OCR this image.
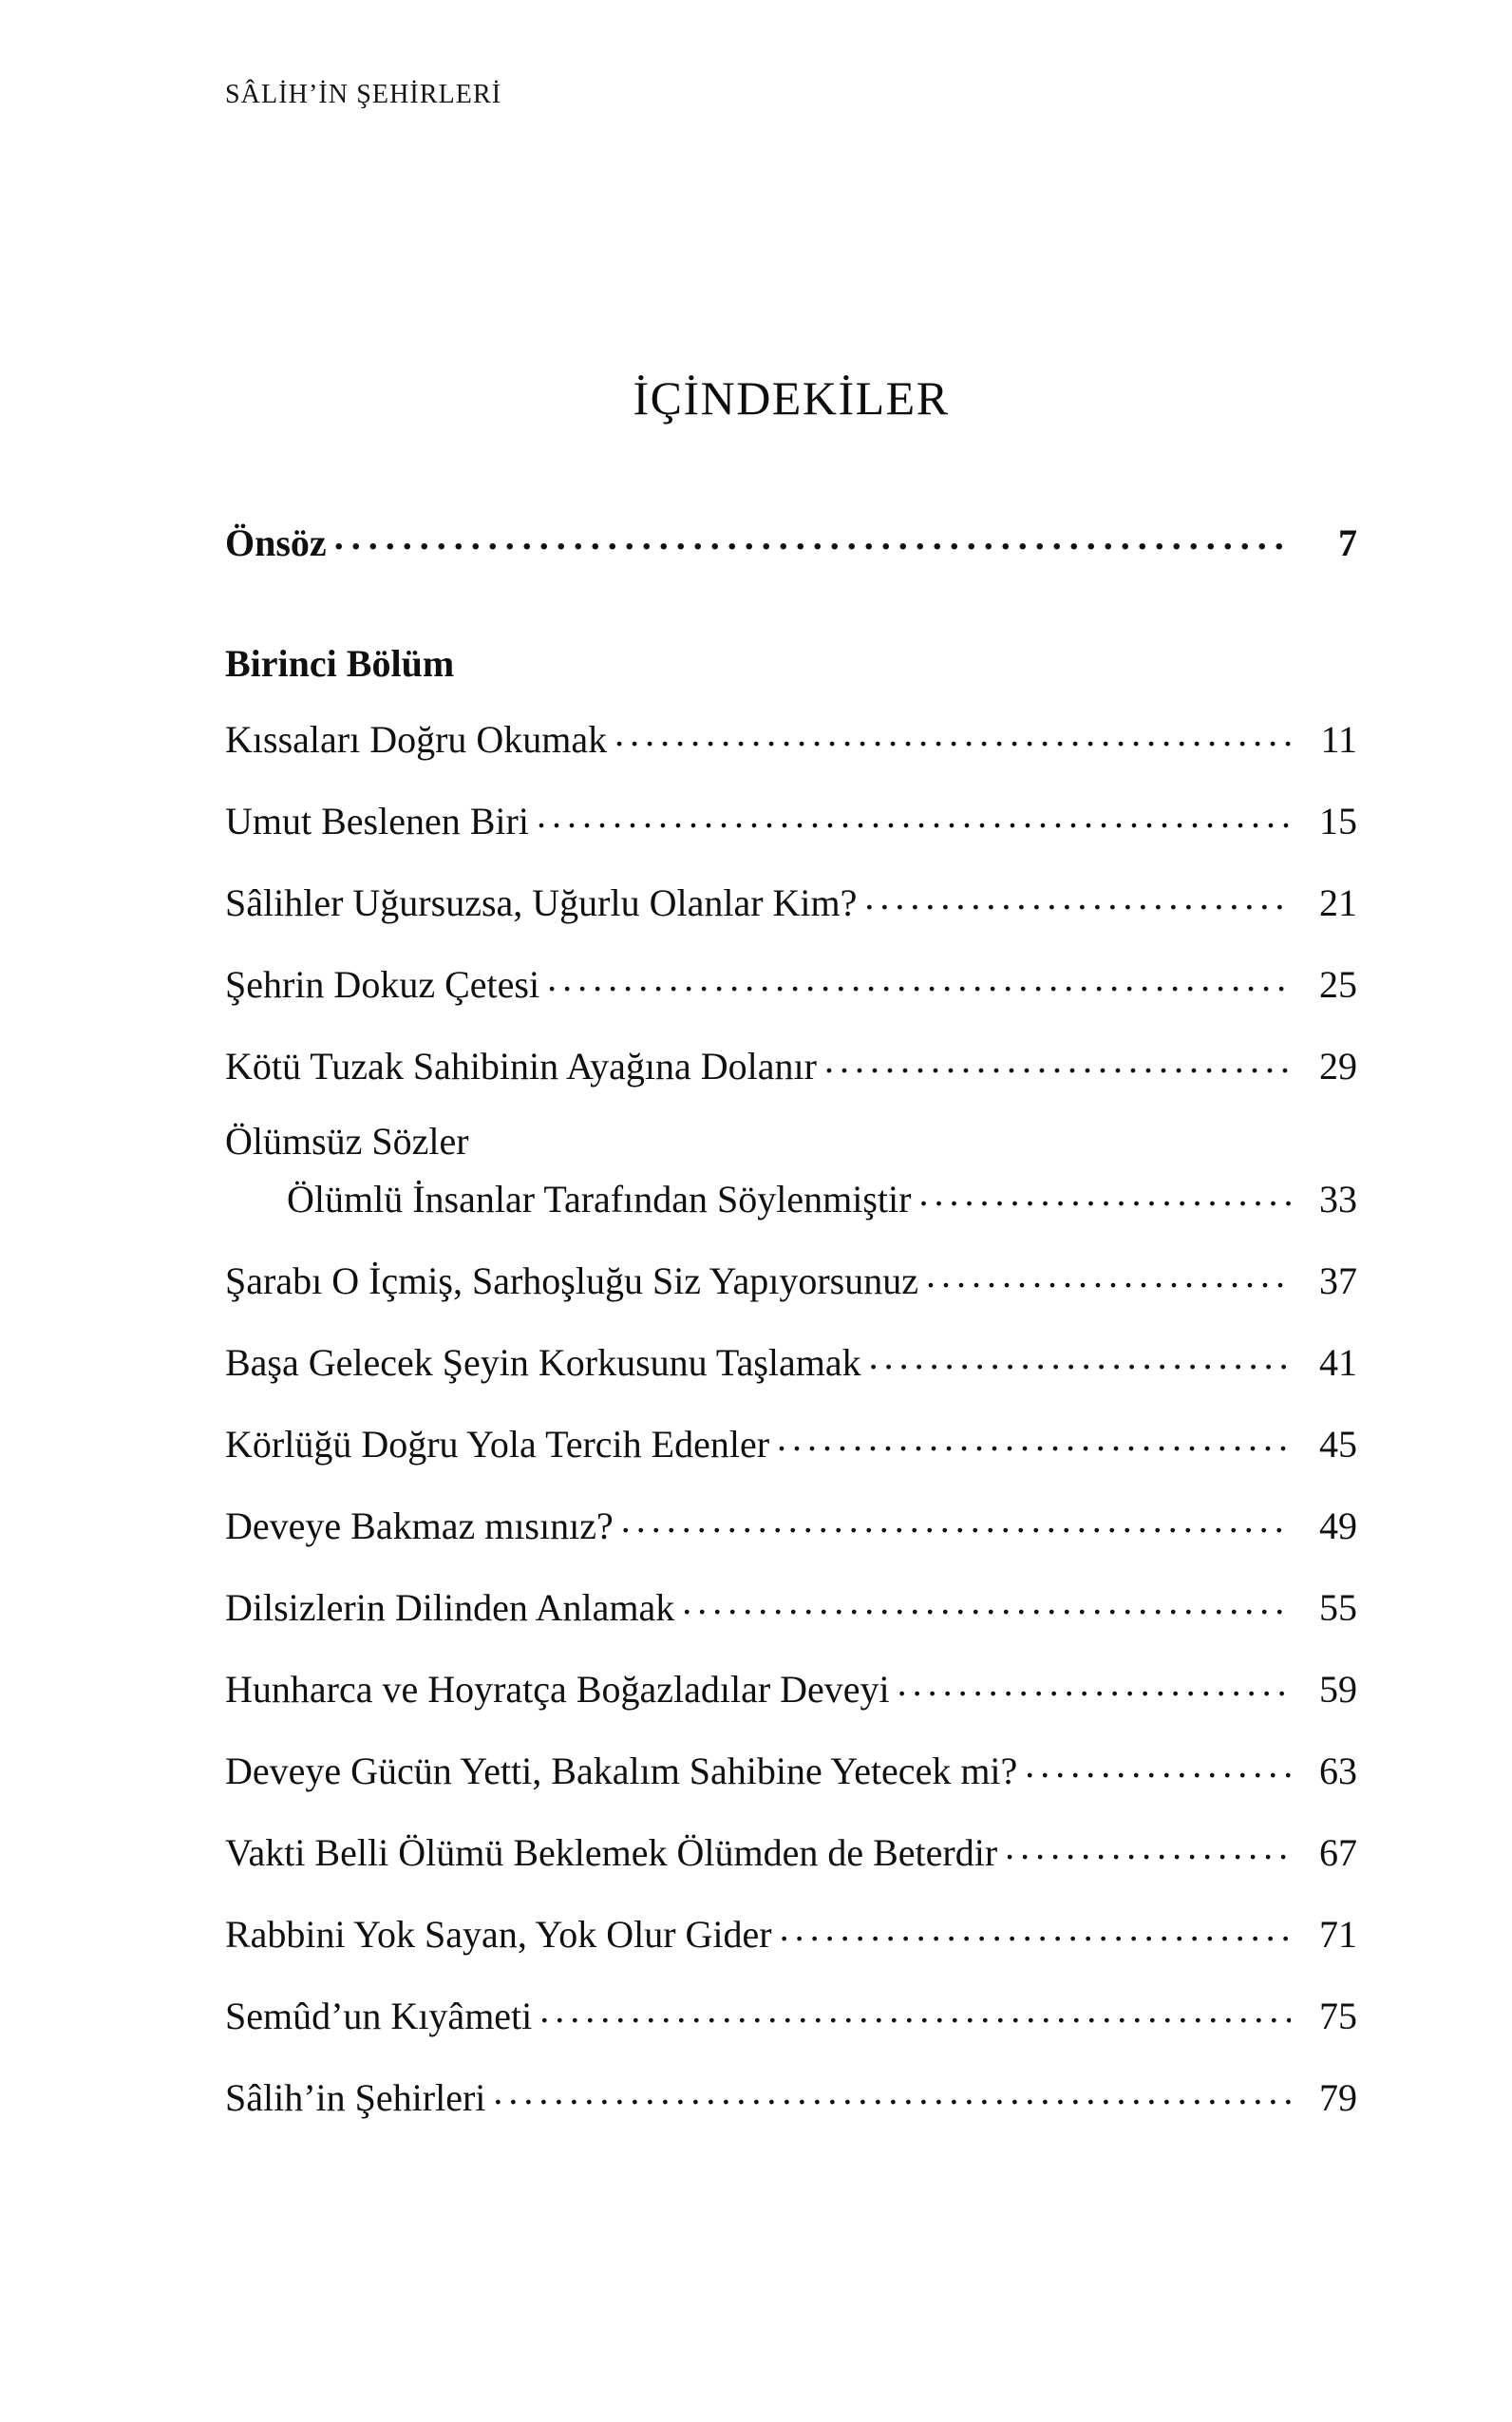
SÂLİH’İN ŞEHİRLERİ
İÇİNDEKİLER
Önsöz . . .	7
Birinci Bölüm
Kıssaları Doğru Okumak . . .	11
Umut Beslenen Biri . . .	15
Sâlihler Uğursuzsa, Uğurlu Olanlar Kim? . . .	21
Şehrin Dokuz Çetesi . . .	25
Kötü Tuzak Sahibinin Ayağına Dolanır . . .	29
Ölümsüz Sözler
Ölümlü İnsanlar Tarafından Söylenmiştir . . .	33
Şarabı O İçmiş, Sarhoşluğu Siz Yapıyorsunuz . . .	37
Başa Gelecek Şeyin Korkusunu Taşlamak . . .	41
Körlüğü Doğru Yola Tercih Edenler . . .	45
Deveye Bakmaz mısınız? . . .	49
Dilsizlerin Dilinden Anlamak . . .	55
Hunharca ve Hoyratça Boğazladılar Deveyi . . .	59
Deveye Gücün Yetti, Bakalım Sahibine Yetecek mi? . . .	63
Vakti Belli Ölümü Beklemek Ölümden de Beterdir . . .	67
Rabbini Yok Sayan, Yok Olur Gider . . .	71
Semûd’un Kıyâmeti . . .	75
Sâlih’in Şehirleri . . .	79
